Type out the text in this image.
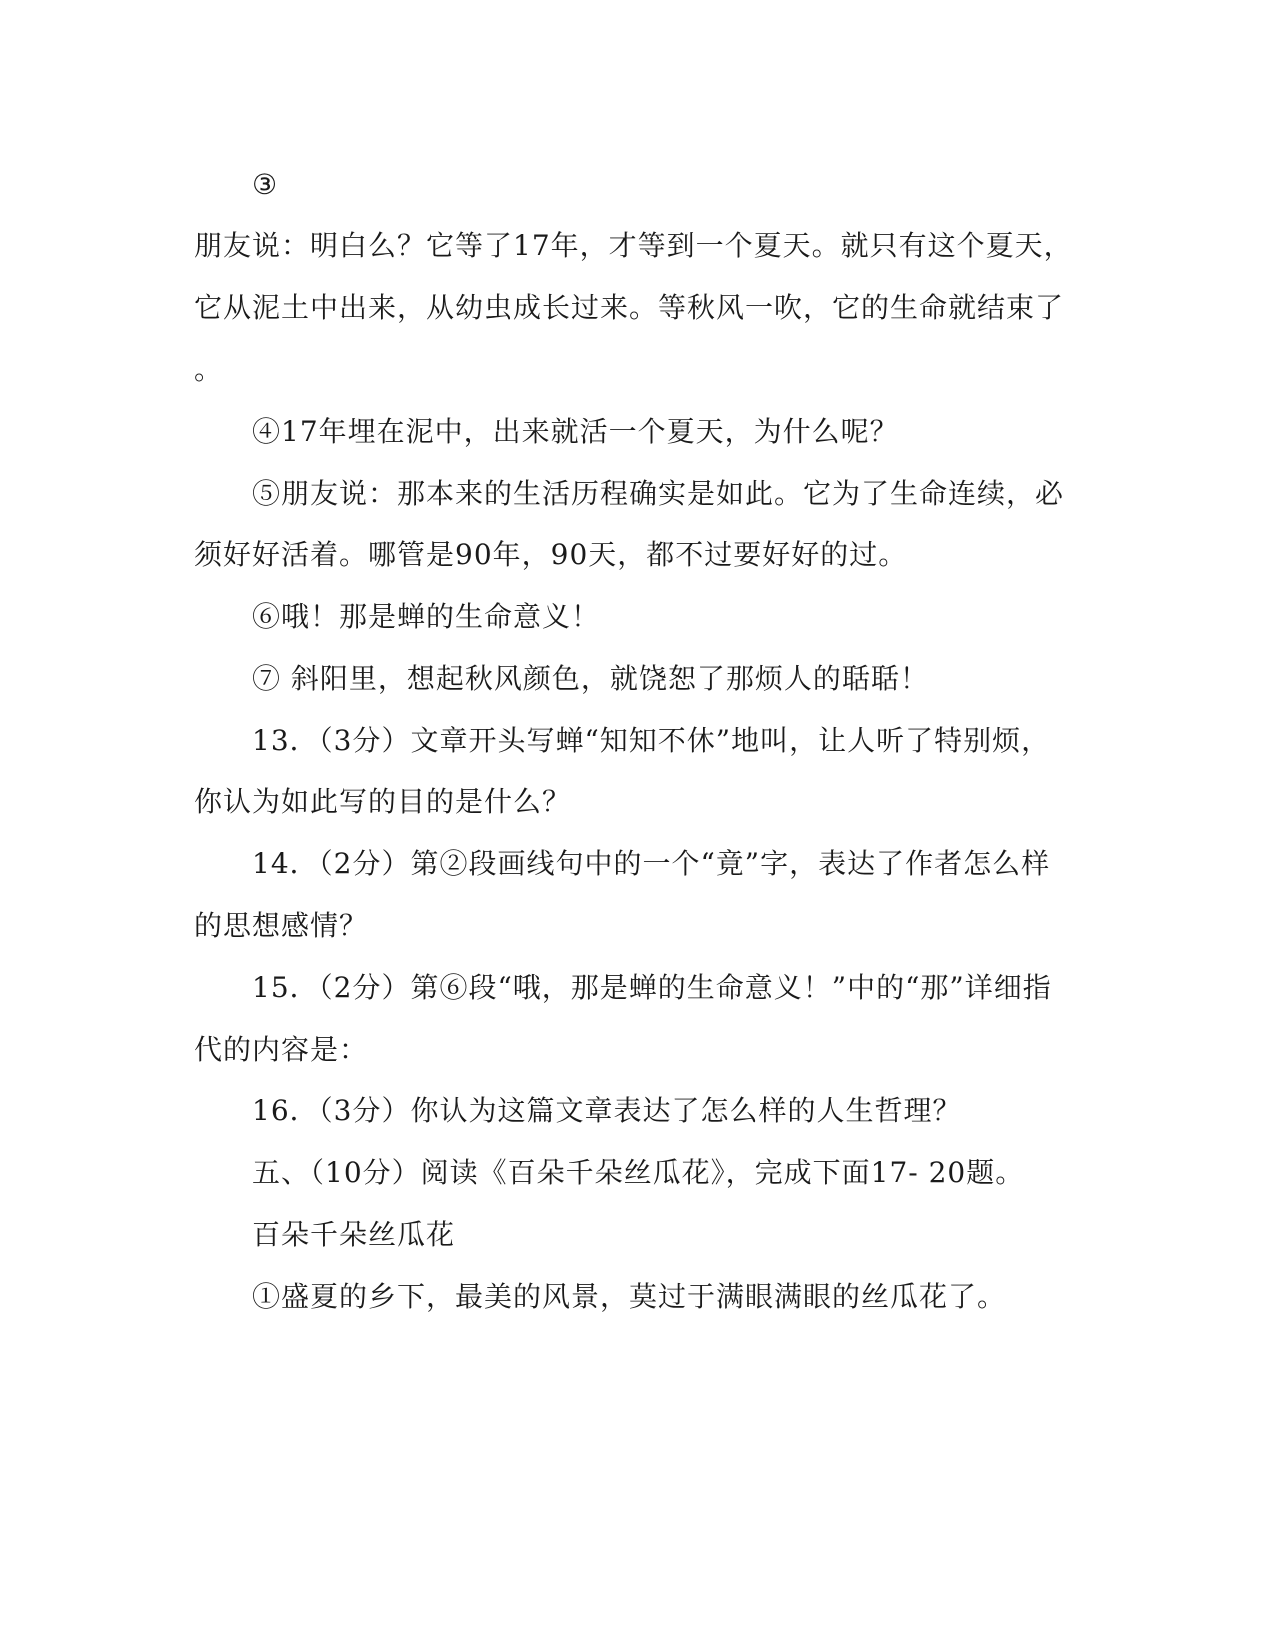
③
朋友说：明白么？它等了17年，才等到一个夏天。就只有这个夏天，
它从泥土中出来，从幼虫成长过来。等秋风一吹，它的生命就结束了
。
④17年埋在泥中，出来就活一个夏天，为什么呢？
⑤朋友说：那本来的生活历程确实是如此。它为了生命连续，必
须好好活着。哪管是90年，90天，都不过要好好的过。
⑥哦！那是蝉的生命意义！
⑦ 斜阳里，想起秋风颜色，就饶恕了那烦人的聒聒！
13．（3分）文章开头写蝉“知知不休”地叫，让人听了特别烦，
你认为如此写的目的是什么？
14．（2分）第②段画线句中的一个“竟”字，表达了作者怎么样
的思想感情？
15．（2分）第⑥段“哦，那是蝉的生命意义！”中的“那”详细指
代的内容是：
16．（3分）你认为这篇文章表达了怎么样的人生哲理？
五、（10分）阅读《百朵千朵丝瓜花》，完成下面17- 20题。
百朵千朵丝瓜花
①盛夏的乡下，最美的风景，莫过于满眼满眼的丝瓜花了。
